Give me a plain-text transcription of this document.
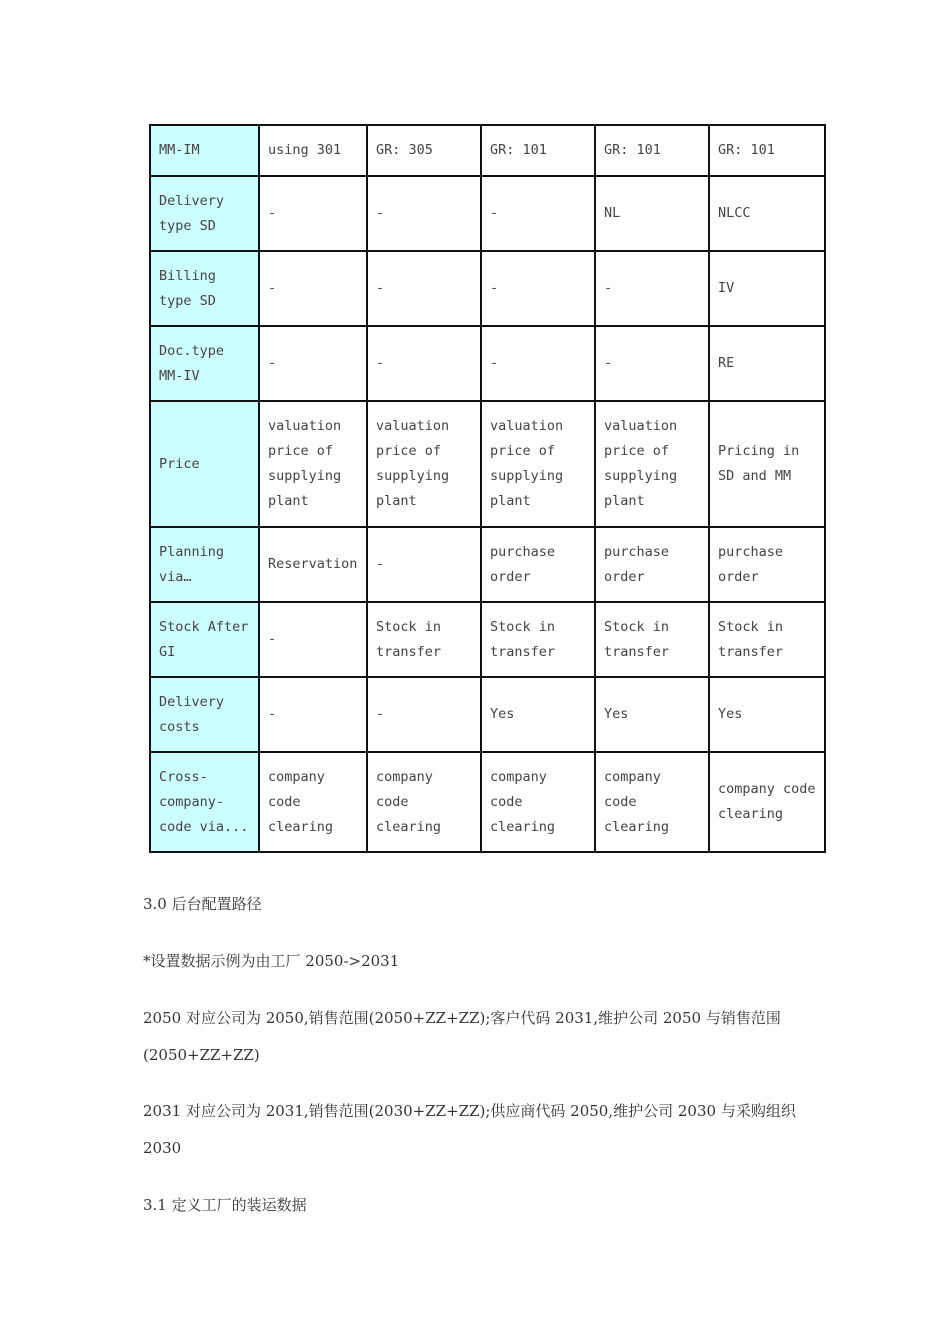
MM-IM	using 301	GR: 305	GR: 101	GR: 101	GR: 101
Delivery type SD	-	-	-	NL	NLCC
Billing type SD	-	-	-	-	IV
Doc.type MM-IV	-	-	-	-	RE
Price	valuation price of supplying plant	valuation price of supplying plant	valuation price of supplying plant	valuation price of supplying plant	Pricing in SD and MM
Planning via…	Reservation	-	purchase order	purchase order	purchase order
Stock After GI	-	Stock in transfer	Stock in transfer	Stock in transfer	Stock in transfer
Delivery costs	-	-	Yes	Yes	Yes
Cross-company-code via...	company code clearing	company code clearing	company code clearing	company code clearing	company code clearing

3.0 后台配置路径

*设置数据示例为由工厂 2050->2031

2050 对应公司为 2050,销售范围(2050+ZZ+ZZ);客户代码 2031,维护公司 2050 与销售范围(2050+ZZ+ZZ)

2031 对应公司为 2031,销售范围(2030+ZZ+ZZ);供应商代码 2050,维护公司 2030 与采购组织 2030

3.1 定义工厂的装运数据
